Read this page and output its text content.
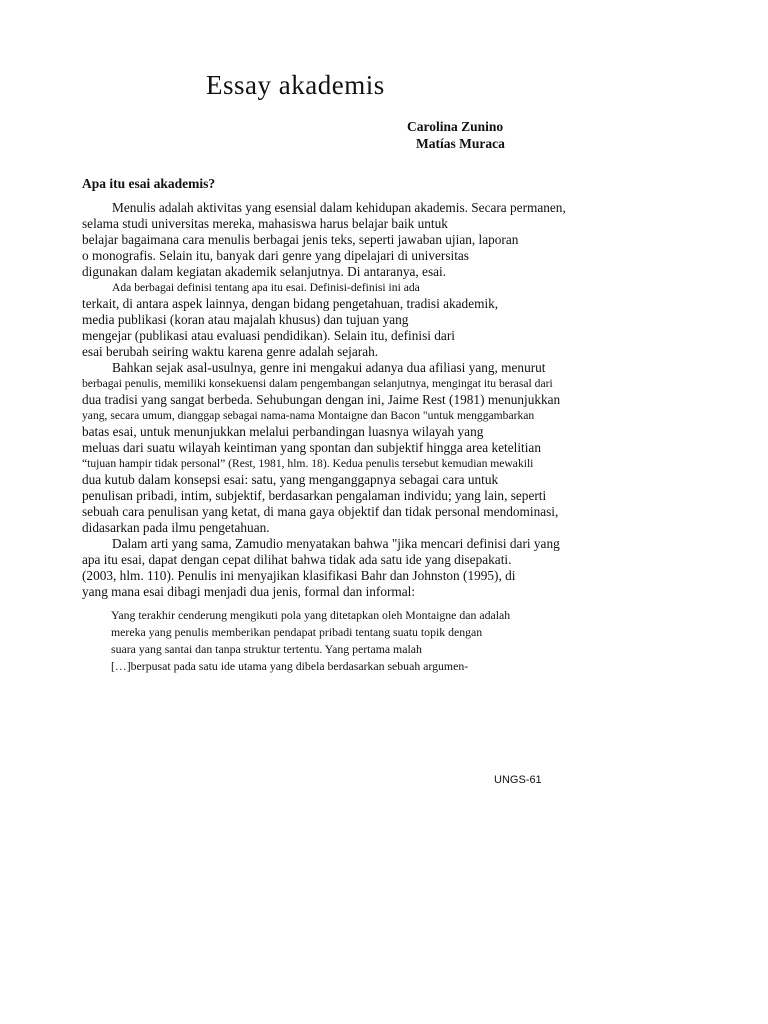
Essay akademis
Carolina Zunino
Matías Muraca
Apa itu esai akademis?
Menulis adalah aktivitas yang esensial dalam kehidupan akademis. Secara permanen,
selama studi universitas mereka, mahasiswa harus belajar baik untuk
belajar bagaimana cara menulis berbagai jenis teks, seperti jawaban ujian, laporan
o monografis. Selain itu, banyak dari genre yang dipelajari di universitas
digunakan dalam kegiatan akademik selanjutnya. Di antaranya, esai.
Ada berbagai definisi tentang apa itu esai. Definisi-definisi ini ada
terkait, di antara aspek lainnya, dengan bidang pengetahuan, tradisi akademik,
media publikasi (koran atau majalah khusus) dan tujuan yang
mengejar (publikasi atau evaluasi pendidikan). Selain itu, definisi dari
esai berubah seiring waktu karena genre adalah sejarah.
Bahkan sejak asal-usulnya, genre ini mengakui adanya dua afiliasi yang, menurut
berbagai penulis, memiliki konsekuensi dalam pengembangan selanjutnya, mengingat itu berasal dari
dua tradisi yang sangat berbeda. Sehubungan dengan ini, Jaime Rest (1981) menunjukkan
yang, secara umum, dianggap sebagai nama-nama Montaigne dan Bacon "untuk menggambarkan
batas esai, untuk menunjukkan melalui perbandingan luasnya wilayah yang
meluas dari suatu wilayah keintiman yang spontan dan subjektif hingga area ketelitian
“tujuan hampir tidak personal” (Rest, 1981, hlm. 18). Kedua penulis tersebut kemudian mewakili
dua kutub dalam konsepsi esai: satu, yang menganggapnya sebagai cara untuk
penulisan pribadi, intim, subjektif, berdasarkan pengalaman individu; yang lain, seperti
sebuah cara penulisan yang ketat, di mana gaya objektif dan tidak personal mendominasi,
didasarkan pada ilmu pengetahuan.
Dalam arti yang sama, Zamudio menyatakan bahwa "jika mencari definisi dari yang
apa itu esai, dapat dengan cepat dilihat bahwa tidak ada satu ide yang disepakati.
(2003, hlm. 110). Penulis ini menyajikan klasifikasi Bahr dan Johnston (1995), di
yang mana esai dibagi menjadi dua jenis, formal dan informal:
Yang terakhir cenderung mengikuti pola yang ditetapkan oleh Montaigne dan adalah
mereka yang penulis memberikan pendapat pribadi tentang suatu topik dengan
suara yang santai dan tanpa struktur tertentu. Yang pertama malah
[…]berpusat pada satu ide utama yang dibela berdasarkan sebuah argumen-
UNGS-61
